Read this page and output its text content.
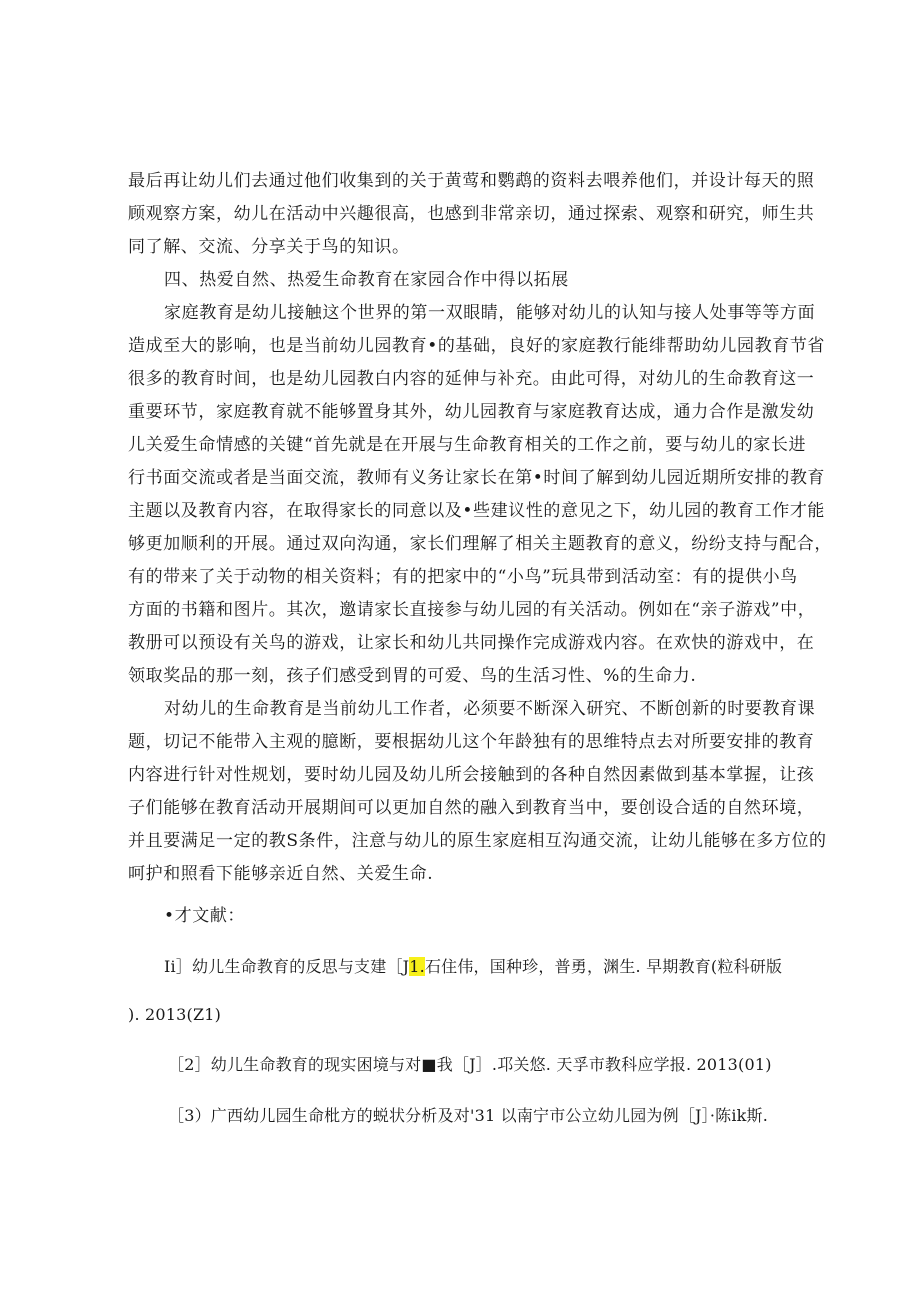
最后再让幼儿们去通过他们收集到的关于黄莺和鹦鹉的资料去喂养他们，并设计每天的照
顾观察方案，幼儿在活动中兴趣很高，也感到非常亲切，通过探索、观察和研究，师生共
同了解、交流、分享关于鸟的知识。
四、热爱自然、热爱生命教育在家园合作中得以拓展
家庭教育是幼儿接触这个世界的第一双眼睛，能够对幼儿的认知与接人处事等等方面
造成至大的影响，也是当前幼儿园教育•的基础，良好的家庭教行能绯帮助幼儿园教育节省
很多的教育时间，也是幼儿园教白内容的延伸与补充。由此可得，对幼儿的生命教育这一
重要环节，家庭教育就不能够置身其外，幼儿园教育与家庭教育达成，通力合作是激发幼
儿关爱生命情感的关键“首先就是在开展与生命教育相关的工作之前，要与幼儿的家长进
行书面交流或者是当面交流，教师有义务让家长在第•时间了解到幼儿园近期所安排的教育
主题以及教育内容，在取得家长的同意以及•些建议性的意见之下，幼儿园的教育工作才能
够更加顺利的开展。通过双向沟通，家长们理解了相关主题教育的意义，纷纷支持与配合，
有的带来了关于动物的相关资料；有的把家中的“小鸟”玩具带到活动室：有的提供小鸟
方面的书籍和图片。其次，邀请家长直接参与幼儿园的有关活动。例如在“亲子游戏”中，
教册可以预设有关鸟的游戏，让家长和幼儿共同操作完成游戏内容。在欢快的游戏中，在
领取奖品的那一刻，孩子们感受到胃的可爱、鸟的生活习性、%的生命力.
对幼儿的生命教育是当前幼儿工作者，必须要不断深入研究、不断创新的时要教育课
题，切记不能带入主观的臆断，要根据幼儿这个年龄独有的思维特点去对所要安排的教育
内容进行针对性规划，要时幼儿园及幼儿所会接触到的各种自然因素做到基本掌握，让孩
子们能够在教育活动开展期间可以更加自然的融入到教育当中，要创设合适的自然环境，
并且要满足一定的教S条件，注意与幼儿的原生家庭相互沟通交流，让幼儿能够在多方位的
呵护和照看下能够亲近自然、关爱生命.
•才文献：
Ii］幼儿生命教育的反思与支建［J1.石住伟，国种珍，普勇，渊生. 早期教育(粒科研版
). 2013(Z1)
［2］幼儿生命教育的现实困境与对■我［J］.邛关悠. 天孚市教科应学报. 2013(01)
［3）广西幼儿园生命枇方的蜕状分析及对'31 以南宁市公立幼儿园为例［J］·陈ik斯.
